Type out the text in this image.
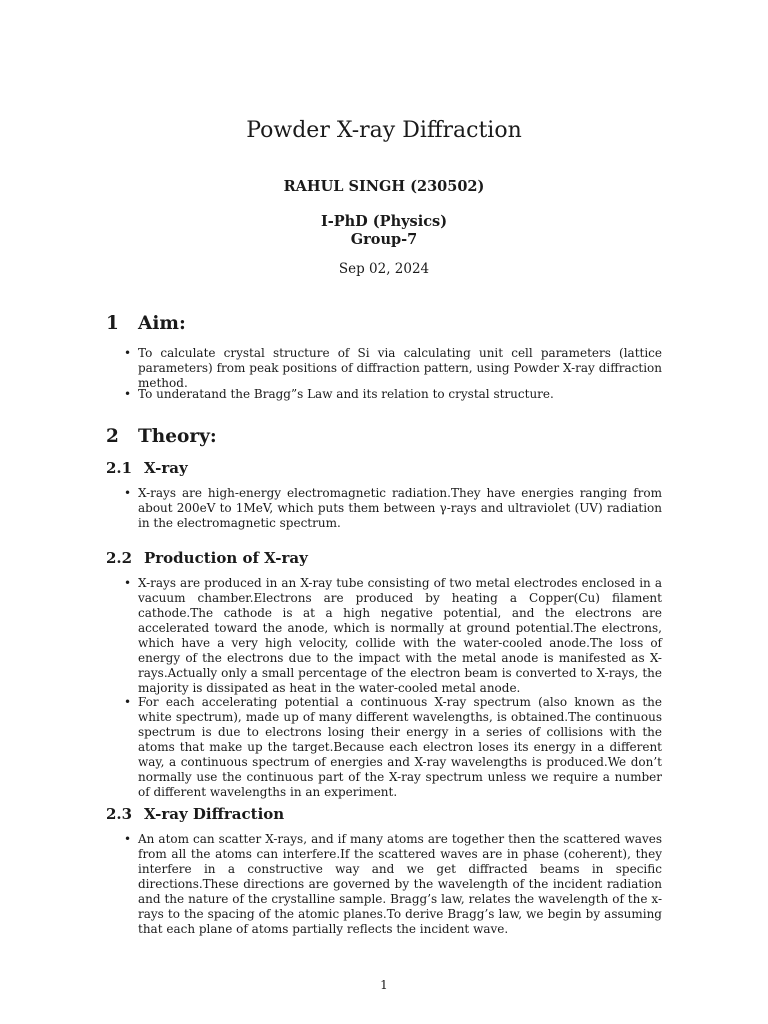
Powder X-ray Diffraction

RAHUL SINGH (230502)

I-PhD (Physics)

Group-7

Sep 02, 2024

1 Aim:

• To calculate crystal structure of Si via calculating unit cell parameters (lattice parameters) from peak positions of diffraction pattern, using Powder X-ray diffraction method.

• To underatand the Bragg”s Law and its relation to crystal structure.

2 Theory:
2.1 X-ray

• X-rays are high-energy electromagnetic radiation.They have energies ranging from about 200eV to 1MeV, which puts them between γ-rays and ultraviolet (UV) radiation in the electromagnetic spectrum.

2.2 Production of X-ray

• X-rays are produced in an X-ray tube consisting of two metal electrodes enclosed in a vacuum chamber.Electrons are produced by heating a Copper(Cu) filament cathode.The cathode is at a high negative potential, and the electrons are accelerated toward the anode, which is normally at ground potential.The electrons, which have a very high velocity, collide with the water-cooled anode.The loss of energy of the electrons due to the impact with the metal anode is manifested as X-rays.Actually only a small percentage of the electron beam is converted to X-rays, the majority is dissipated as heat in the water-cooled metal anode.

• For each accelerating potential a continuous X-ray spectrum (also known as the white spectrum), made up of many different wavelengths, is obtained.The continuous spectrum is due to electrons losing their energy in a series of collisions with the atoms that make up the target.Because each electron loses its energy in a different way, a continuous spectrum of energies and X-ray wavelengths is produced.We don’t normally use the continuous part of the X-ray spectrum unless we require a number of different wavelengths in an experiment.

2.3 X-ray Diffraction

• An atom can scatter X-rays, and if many atoms are together then the scattered waves from all the atoms can interfere.If the scattered waves are in phase (coherent), they interfere in a constructive way and we get diffracted beams in specific directions.These directions are governed by the wavelength of the incident radiation and the nature of the crystalline sample. Bragg’s law, relates the wavelength of the x-rays to the spacing of the atomic planes.To derive Bragg’s law, we begin by assuming that each plane of atoms partially reflects the incident wave.

1
